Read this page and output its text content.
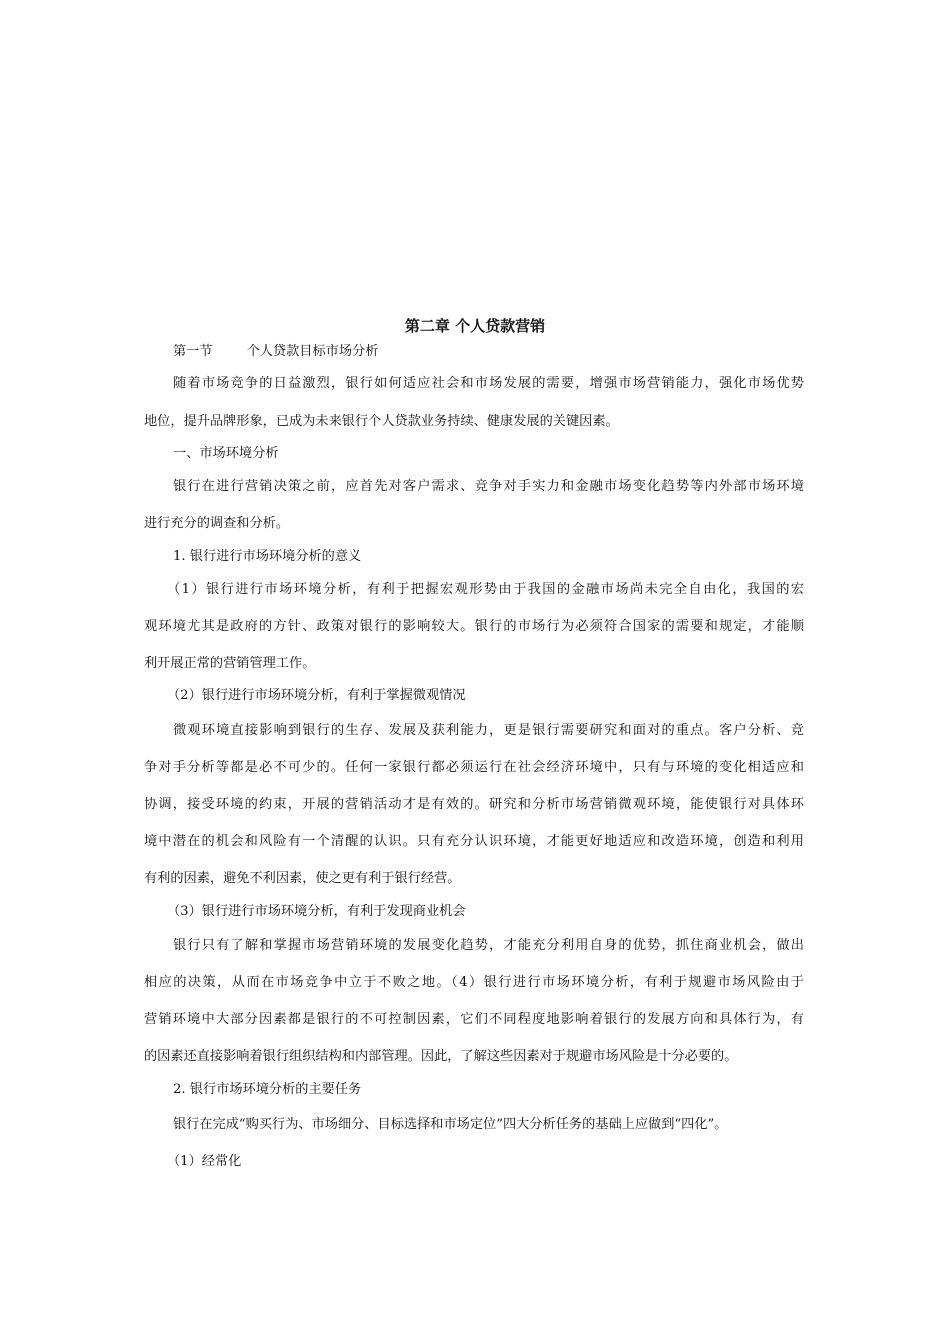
第二章 个人贷款营销
第一节	个人贷款目标市场分析
随着市场竞争的日益激烈，银行如何适应社会和市场发展的需要，增强市场营销能力，强化市场优势
地位，提升品牌形象，已成为未来银行个人贷款业务持续、健康发展的关键因素。
一、市场环境分析
银行在进行营销决策之前，应首先对客户需求、竞争对手实力和金融市场变化趋势等内外部市场环境
进行充分的调查和分析。
1. 银行进行市场环境分析的意义
（1）银行进行市场环境分析，有利于把握宏观形势由于我国的金融市场尚未完全自由化，我国的宏
观环境尤其是政府的方针、政策对银行的影响较大。银行的市场行为必须符合国家的需要和规定，才能顺
利开展正常的营销管理工作。
（2）银行进行市场环境分析，有利于掌握微观情况
微观环境直接影响到银行的生存、发展及获利能力，更是银行需要研究和面对的重点。客户分析、竞
争对手分析等都是必不可少的。任何一家银行都必须运行在社会经济环境中，只有与环境的变化相适应和
协调，接受环境的约束，开展的营销活动才是有效的。研究和分析市场营销微观环境，能使银行对具体环
境中潜在的机会和风险有一个清醒的认识。只有充分认识环境，才能更好地适应和改造环境，创造和利用
有利的因素，避免不利因素，使之更有利于银行经营。
（3）银行进行市场环境分析，有利于发现商业机会
银行只有了解和掌握市场营销环境的发展变化趋势，才能充分利用自身的优势，抓住商业机会，做出
相应的决策，从而在市场竞争中立于不败之地。（4）银行进行市场环境分析，有利于规避市场风险由于
营销环境中大部分因素都是银行的不可控制因素，它们不同程度地影响着银行的发展方向和具体行为，有
的因素还直接影响着银行组织结构和内部管理。因此，了解这些因素对于规避市场风险是十分必要的。
2. 银行市场环境分析的主要任务
银行在完成“购买行为、市场细分、目标选择和市场定位”四大分析任务的基础上应做到“四化”。
（1）经常化
